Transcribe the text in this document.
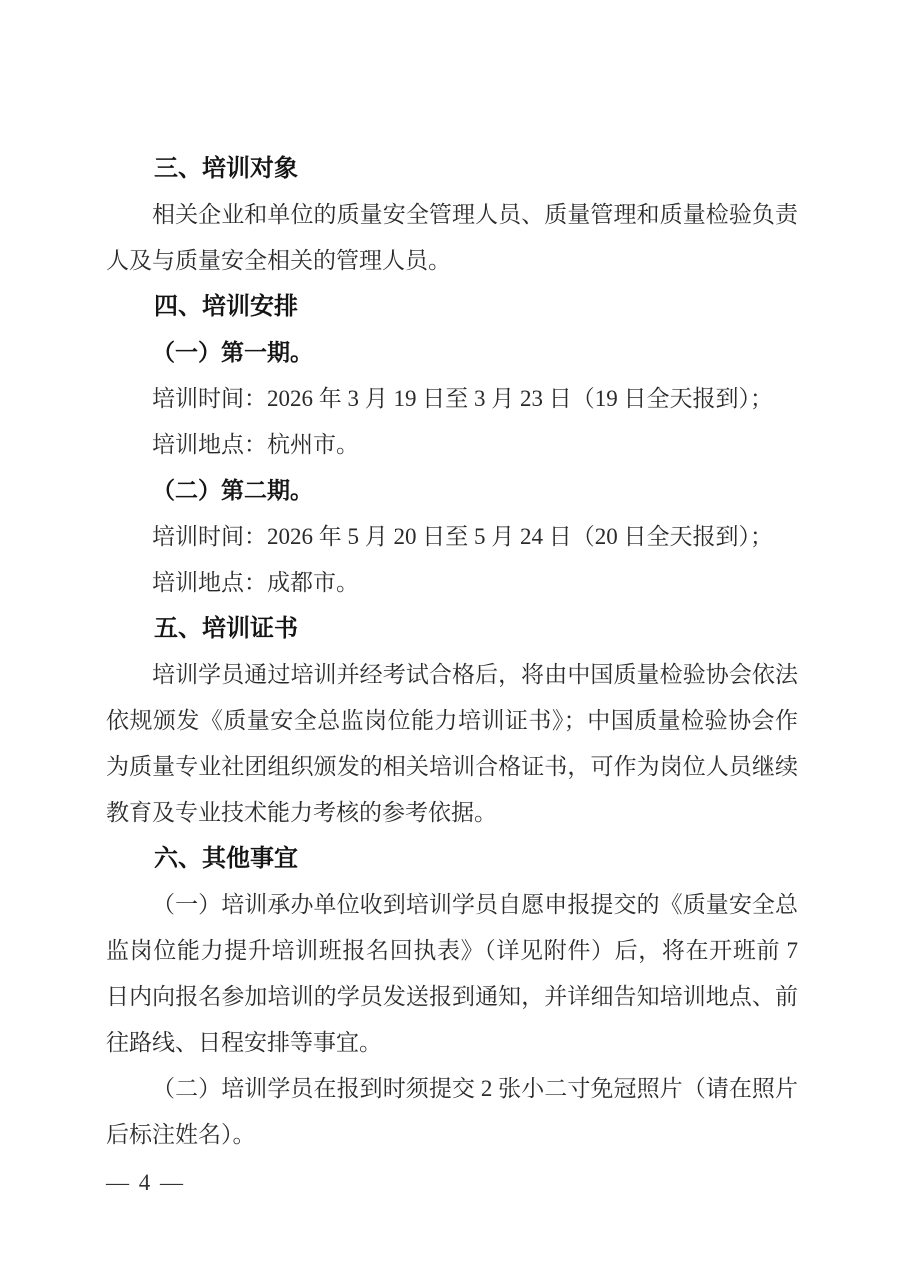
三、培训对象

相关企业和单位的质量安全管理人员、质量管理和质量检验负责人及与质量安全相关的管理人员。

四、培训安排

（一）第一期。

培训时间：2026 年 3 月 19 日至 3 月 23 日（19 日全天报到）；

培训地点：杭州市。

（二）第二期。

培训时间：2026 年 5 月 20 日至 5 月 24 日（20 日全天报到）；

培训地点：成都市。

五、培训证书

培训学员通过培训并经考试合格后，将由中国质量检验协会依法依规颁发《质量安全总监岗位能力培训证书》；中国质量检验协会作为质量专业社团组织颁发的相关培训合格证书，可作为岗位人员继续教育及专业技术能力考核的参考依据。

六、其他事宜

（一）培训承办单位收到培训学员自愿申报提交的《质量安全总监岗位能力提升培训班报名回执表》（详见附件）后，将在开班前 7 日内向报名参加培训的学员发送报到通知，并详细告知培训地点、前往路线、日程安排等事宜。

（二）培训学员在报到时须提交 2 张小二寸免冠照片（请在照片后标注姓名）。

— 4 —
